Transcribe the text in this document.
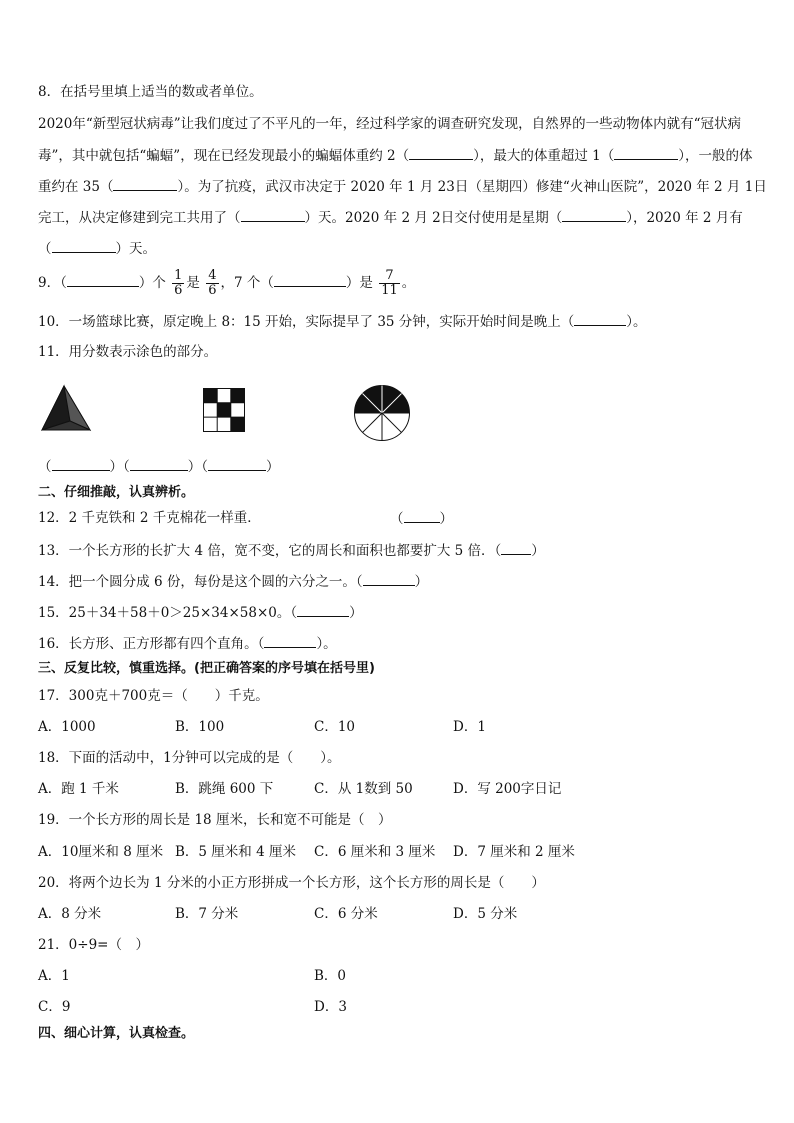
8．在括号里填上适当的数或者单位。
2020年“新型冠状病毒”让我们度过了不平凡的一年，经过科学家的调查研究发现，自然界的一些动物体内就有“冠状病
毒”，其中就包括“蝙蝠”，现在已经发现最小的蝙蝠体重约 2（	），最大的体重超过 1（	），一般的体
重约在 35（	）。为了抗疫，武汉市决定于 2020 年 1 月 23日（星期四）修建“火神山医院”，2020 年 2 月 1日
完工，从决定修建到完工共用了（	）天。2020 年 2 月 2日交付使用是星期（	），2020 年 2 月有
（	）天。
9．（	）个 $\frac{1}{6}$ 是 $\frac{4}{6}$ ，7 个（	）是 $\frac{7}{11}$ 。
10．一场篮球比赛，原定晚上 8：15 开始，实际提早了 35 分钟，实际开始时间是晚上（	）。
11．用分数表示涂色的部分。
（	）（	）（	）
二、仔细推敲，认真辨析。
12．2 千克铁和 2 千克棉花一样重．	（	）
13．一个长方形的长扩大 4 倍，宽不变，它的周长和面积也都要扩大 5 倍．（ ）
14．把一个圆分成 6 份，每份是这个圆的六分之一。（	）
15．25＋34＋58＋0＞25×34×58×0。（	）
16．长方形、正方形都有四个直角。（	）。
三、反复比较，慎重选择。(把正确答案的序号填在括号里)
17．300克＋700克＝（　　）千克。
A．1000	B．100	C．10	D．1
18．下面的活动中，1分钟可以完成的是（　　）。
A．跑 1 千米	B．跳绳 600 下	C．从 1数到 50	D．写 200字日记
19．一个长方形的周长是 18 厘米，长和宽不可能是（　）
A．10厘米和 8 厘米 B．5 厘米和 4 厘米 C．6 厘米和 3 厘米 D．7 厘米和 2 厘米
20．将两个边长为 1 分米的小正方形拼成一个长方形，这个长方形的周长是（　　）
A．8 分米	B．7 分米	C．6 分米	D．5 分米
21．0÷9=（　）
A．1	B．0
C．9	D．3
四、细心计算，认真检查。
